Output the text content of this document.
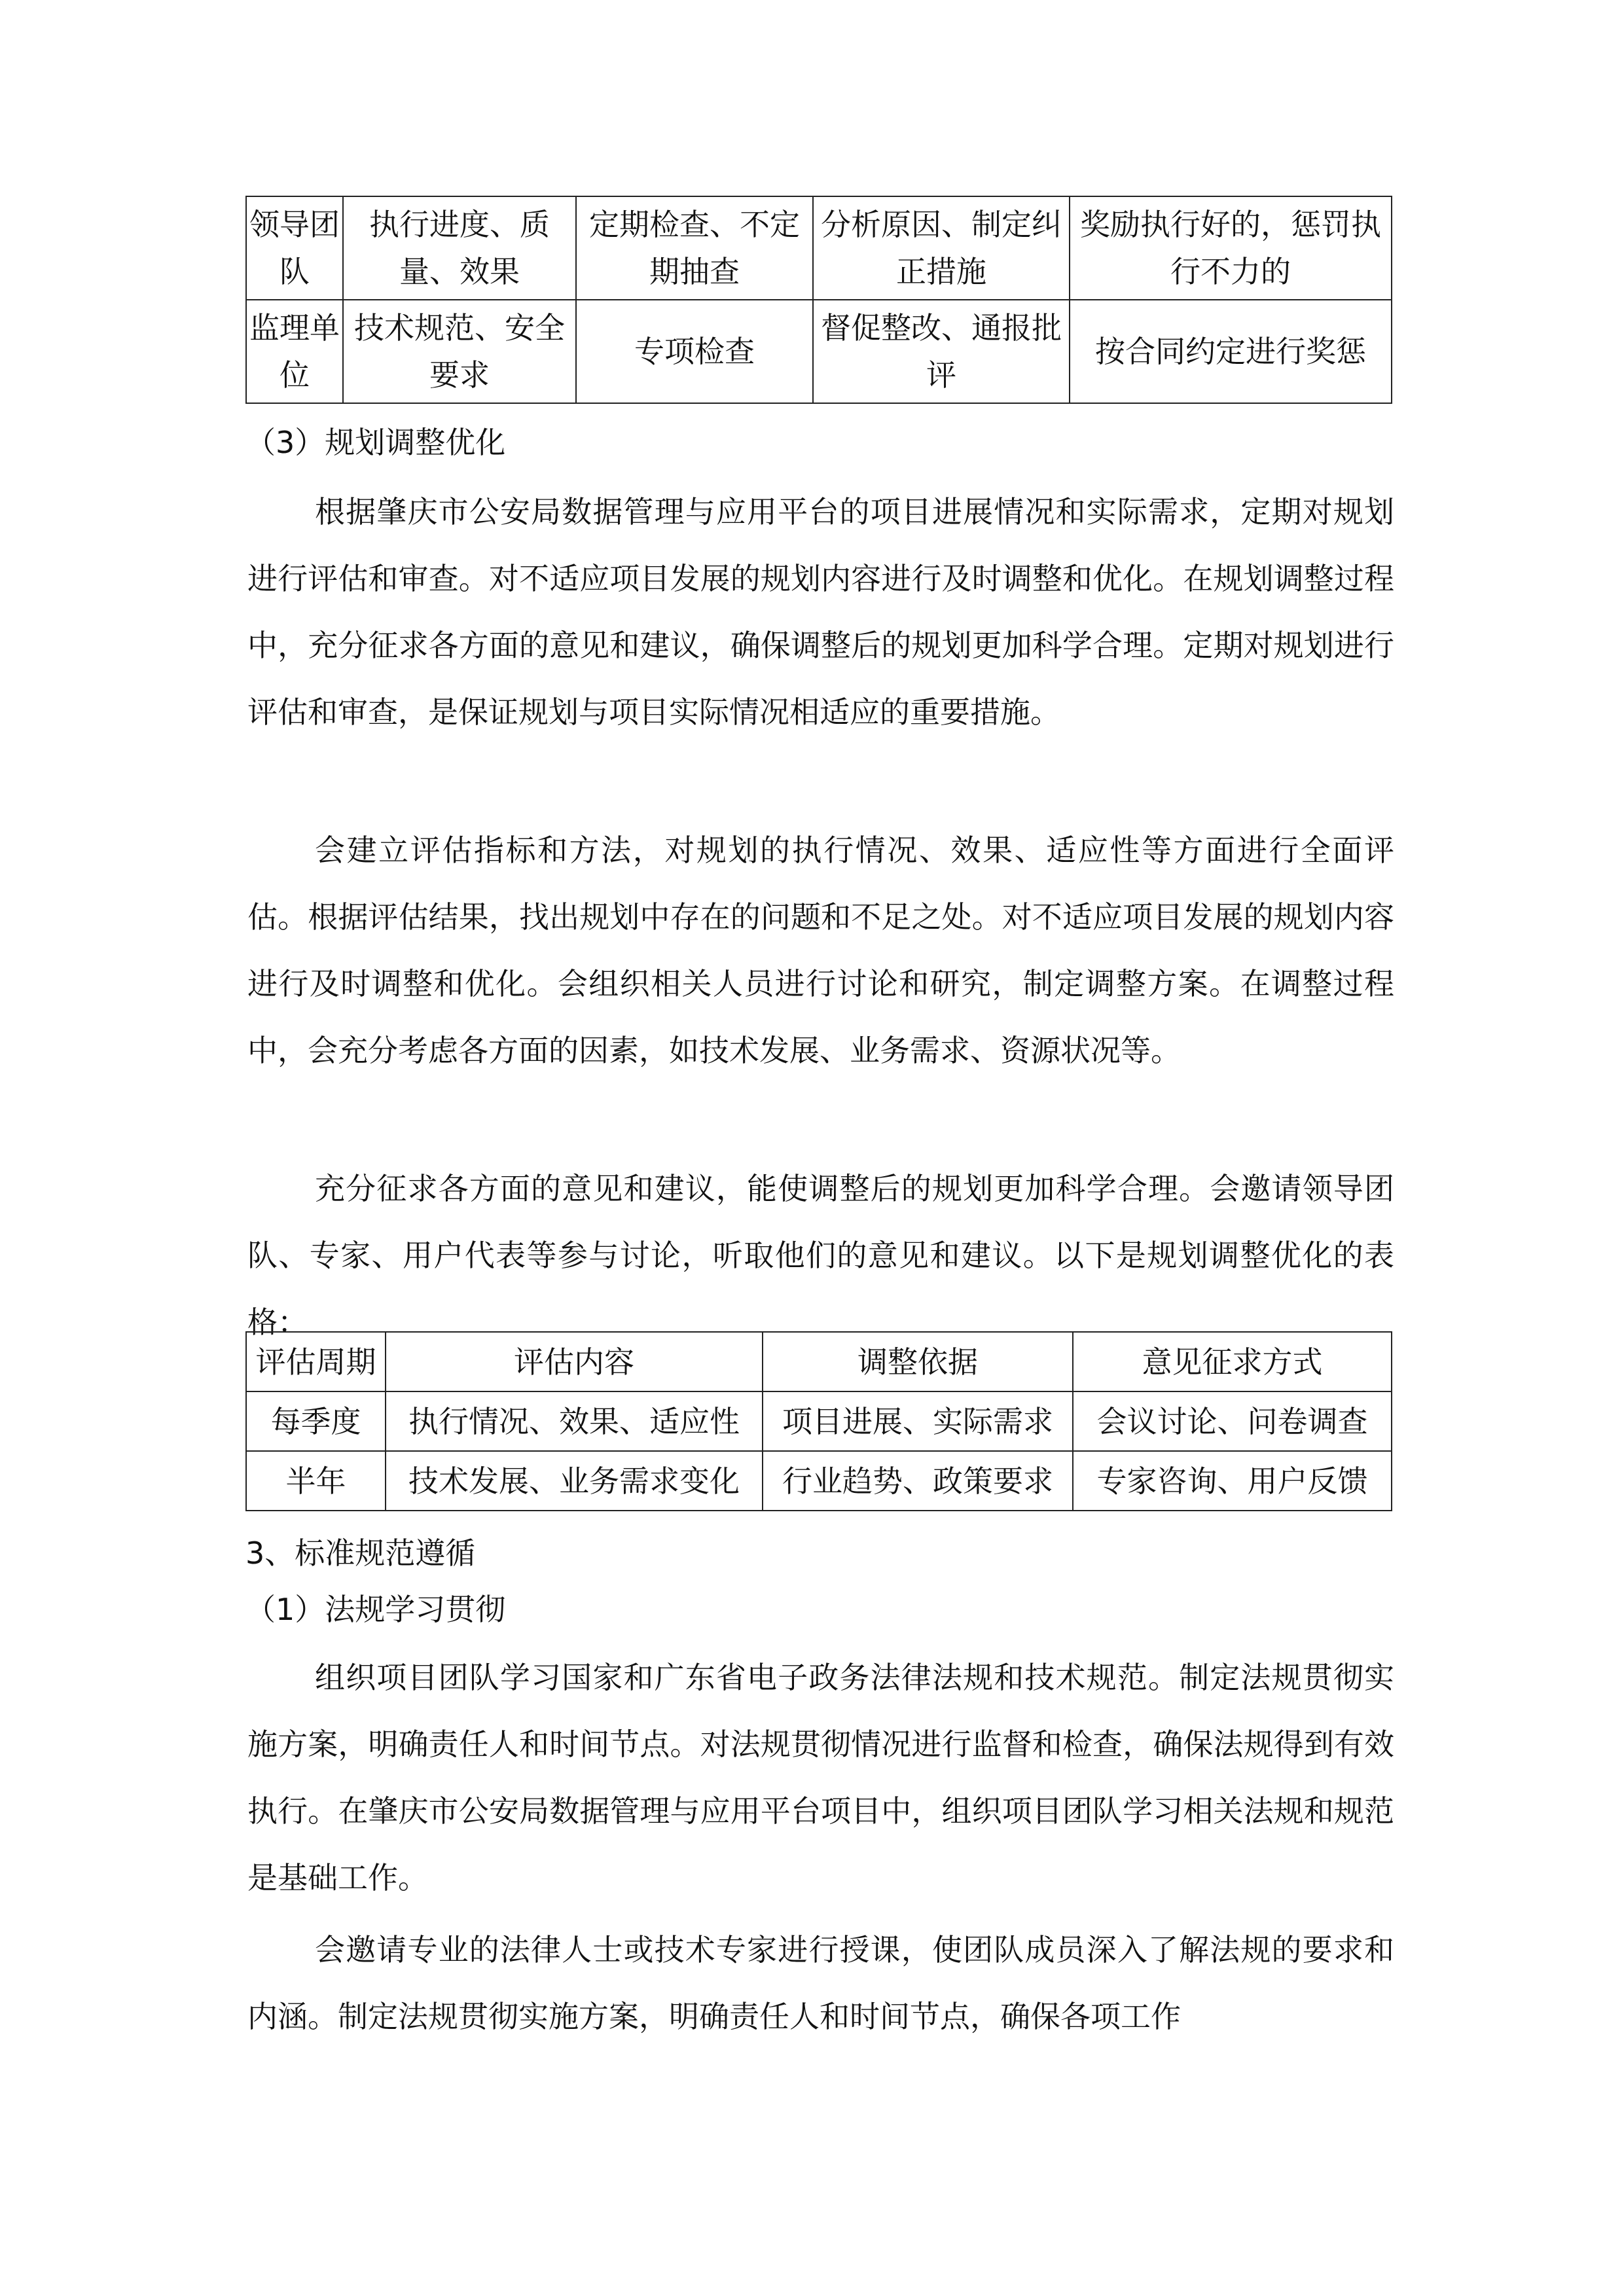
领导团队	执行进度、质量、效果	定期检查、不定期抽查	分析原因、制定纠正措施	奖励执行好的，惩罚执行不力的
监理单位	技术规范、安全要求	专项检查	督促整改、通报批评	按合同约定进行奖惩

（3）规划调整优化

根据肇庆市公安局数据管理与应用平台的项目进展情况和实际需求，定期对规划进行评估和审查。对不适应项目发展的规划内容进行及时调整和优化。在规划调整过程中，充分征求各方面的意见和建议，确保调整后的规划更加科学合理。定期对规划进行评估和审查，是保证规划与项目实际情况相适应的重要措施。

会建立评估指标和方法，对规划的执行情况、效果、适应性等方面进行全面评估。根据评估结果，找出规划中存在的问题和不足之处。对不适应项目发展的规划内容进行及时调整和优化。会组织相关人员进行讨论和研究，制定调整方案。在调整过程中，会充分考虑各方面的因素，如技术发展、业务需求、资源状况等。

充分征求各方面的意见和建议，能使调整后的规划更加科学合理。会邀请领导团队、专家、用户代表等参与讨论，听取他们的意见和建议。以下是规划调整优化的表格：

评估周期	评估内容	调整依据	意见征求方式
每季度	执行情况、效果、适应性	项目进展、实际需求	会议讨论、问卷调查
半年	技术发展、业务需求变化	行业趋势、政策要求	专家咨询、用户反馈

3、标准规范遵循

（1）法规学习贯彻

组织项目团队学习国家和广东省电子政务法律法规和技术规范。制定法规贯彻实施方案，明确责任人和时间节点。对法规贯彻情况进行监督和检查，确保法规得到有效执行。在肇庆市公安局数据管理与应用平台项目中，组织项目团队学习相关法规和规范是基础工作。

会邀请专业的法律人士或技术专家进行授课，使团队成员深入了解法规的要求和内涵。制定法规贯彻实施方案，明确责任人和时间节点，确保各项工作
